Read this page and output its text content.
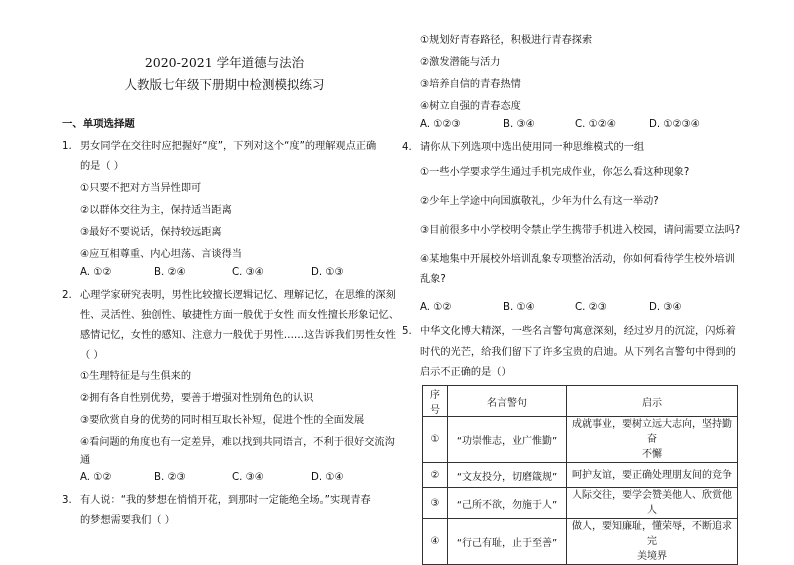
2020-2021 学年道德与法治
人教版七年级下册期中检测模拟练习
一、单项选择题
1. 男女同学在交往时应把握好“度”，下列对这个“度”的理解观点正确
的是（ ）
①只要不把对方当异性即可
②以群体交往为主，保持适当距离
③最好不要说话，保持较远距离
④应互相尊重、内心坦荡、言谈得当
A. ①②	B. ②④	C. ③④	D. ①③
2. 心理学家研究表明，男性比较擅长逻辑记忆、理解记忆，在思维的深刻
性、灵活性、独创性、敏捷性方面一般优于女性 而女性擅长形象记忆、
感情记忆，女性的感知、注意力一般优于男性……这告诉我们男性女性
（ ）
①生理特征是与生俱来的
②拥有各自性别优势，要善于增强对性别角色的认识
③要欣赏自身的优势的同时相互取长补短，促进个性的全面发展
④看问题的角度也有一定差异，难以找到共同语言，不利于很好交流沟
通
A. ①②	B. ②③	C. ③④	D. ①④
3. 有人说：“我的梦想在悄悄开花，到那时一定能绝全场。”实现青春
的梦想需要我们（ ）
①规划好青春路径，积极进行青春探索
②激发潜能与活力
③培养自信的青春热情
④树立自强的青春态度
A. ①②③	B. ③④	C. ①②④	D. ①②③④
4. 请你从下列选项中选出使用同一种思维模式的一组
①一些小学要求学生通过手机完成作业，你怎么看这种现象?
②少年上学途中向国旗敬礼，少年为什么有这一举动?
③目前很多中小学校明令禁止学生携带手机进入校园，请问需要立法吗?
④某地集中开展校外培训乱象专项整治活动，你如何看待学生校外培训
乱象?
A. ①②	B. ①④	C. ②③	D. ③④
5. 中华文化博大精深，一些名言警句寓意深刻，经过岁月的沉淀，闪烁着
时代的光芒，给我们留下了许多宝贵的启迪。从下列名言警句中得到的
启示不正确的是（）
序号	名言警句	启示
①	“功崇惟志，业广惟勤”	成就事业，要树立远大志向，坚持勤奋
不懈

②	“文友投分，切磨箴规”	呵护友谊，要正确处理朋友间的竞争
③	“己所不欲，勿施于人”	人际交往，要学会赞美他人、欣赏他人
④	“行己有耻，止于至善”	做人，要知廉耻，懂荣辱，不断追求完
美境界
